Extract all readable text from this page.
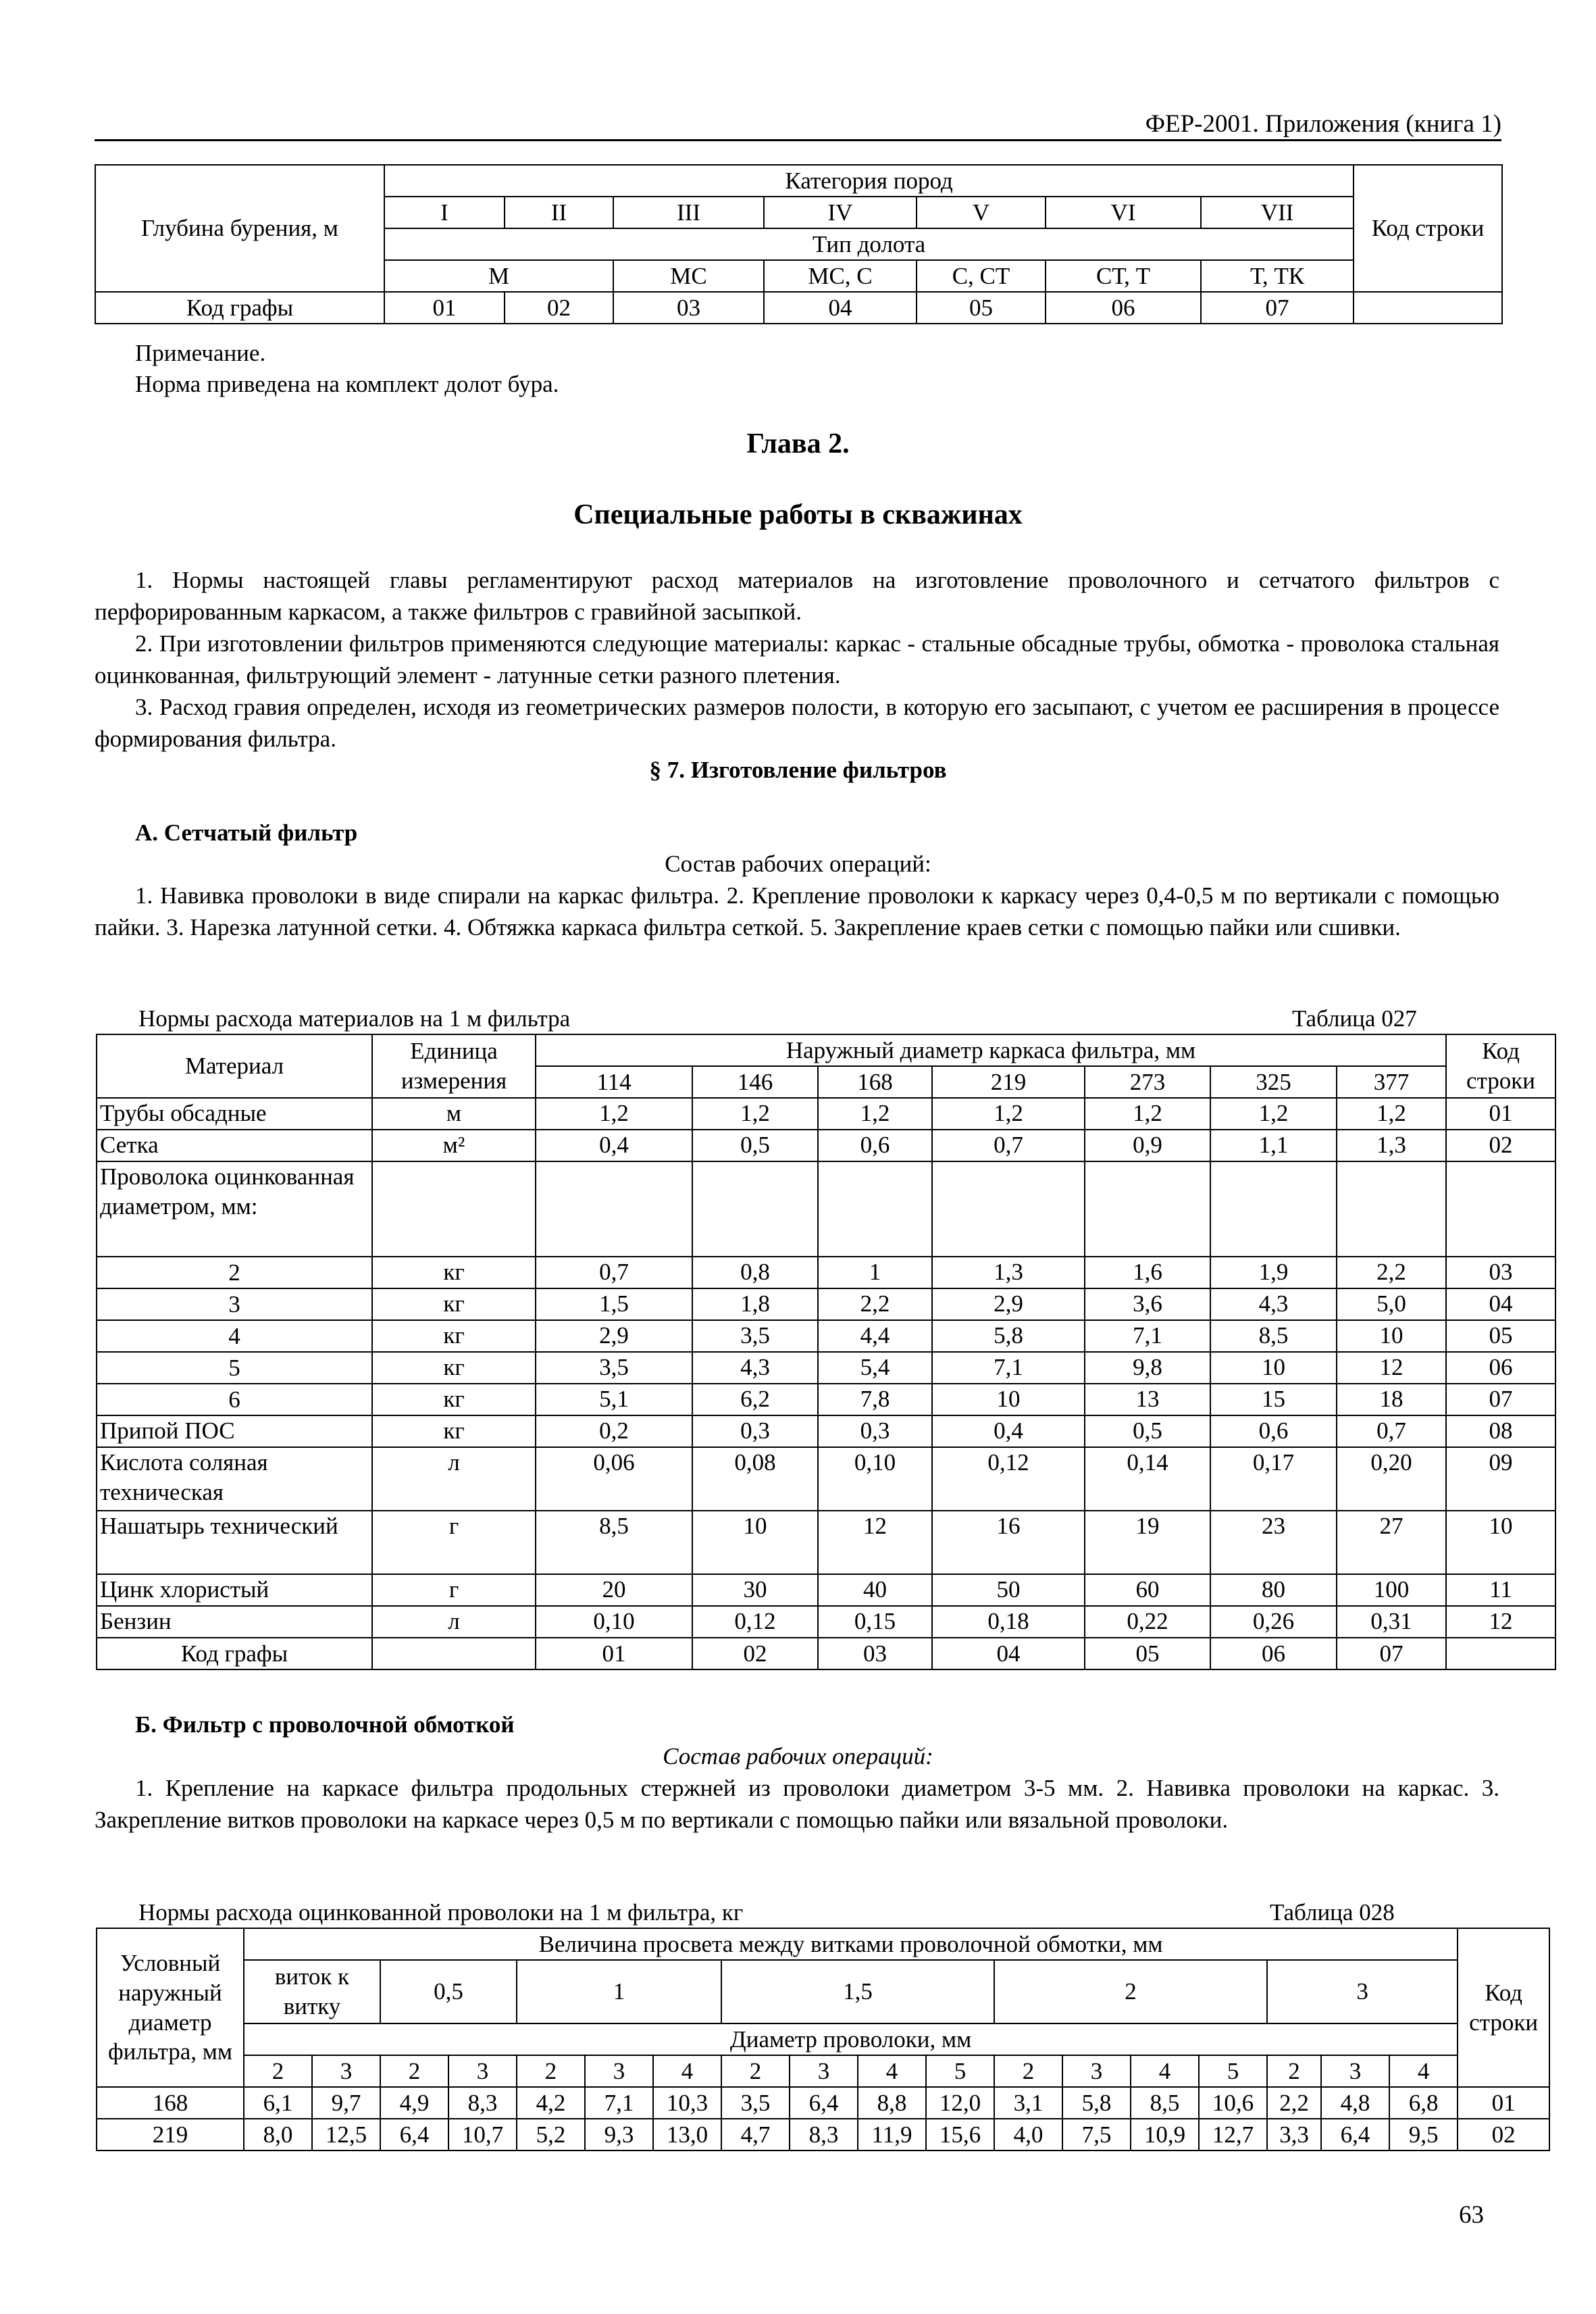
ФЕР-2001. Приложения (книга 1)
Глубина бурения, м	Категория пород							Код строки	
	I	II	III	IV	V	VI	VII		
	Тип долота								
	М		МС	МС, С	С, СТ	СТ, Т	Т, ТК		
Код графы	01	02	03	04	05	06	07		
Примечание.
Норма приведена на комплект долот бура.
Глава 2.
Специальные работы в скважинах
1. Нормы настоящей главы регламентируют расход материалов на изготовление проволочного и сетчатого фильтров с перфорированным каркасом, а также фильтров с гравийной засыпкой.
2. При изготовлении фильтров применяются следующие материалы: каркас - стальные обсадные трубы, обмотка - проволока стальная оцинкованная, фильтрующий элемент - латунные сетки разного плетения.
3. Расход гравия определен, исходя из геометрических размеров полости, в которую его засыпают, с учетом ее расширения в процессе формирования фильтра.
§ 7. Изготовление фильтров
А. Сетчатый фильтр
Состав рабочих операций:
1. Навивка проволоки в виде спирали на каркас фильтра. 2. Крепление проволоки к каркасу через 0,4-0,5 м по вертикали с помощью пайки. 3. Нарезка латунной сетки. 4. Обтяжка каркаса фильтра сеткой. 5. Закрепление краев сетки с помощью пайки или сшивки.
Нормы расхода материалов на 1 м фильтра	Таблица 027
Материал	Единица измерения	Наружный диаметр каркаса фильтра, мм							Код строки
		114	146	168	219	273	325	377	
Трубы обсадные	м	1,2	1,2	1,2	1,2	1,2	1,2	1,2	01
Сетка	м²	0,4	0,5	0,6	0,7	0,9	1,1	1,3	02
Проволока оцинкованная диаметром, мм:									
2	кг	0,7	0,8	1	1,3	1,6	1,9	2,2	03
3	кг	1,5	1,8	2,2	2,9	3,6	4,3	5,0	04
4	кг	2,9	3,5	4,4	5,8	7,1	8,5	10	05
5	кг	3,5	4,3	5,4	7,1	9,8	10	12	06
6	кг	5,1	6,2	7,8	10	13	15	18	07
Припой ПОС	кг	0,2	0,3	0,3	0,4	0,5	0,6	0,7	08
Кислота соляная техническая	л	0,06	0,08	0,10	0,12	0,14	0,17	0,20	09
Нашатырь технический	г	8,5	10	12	16	19	23	27	10
Цинк хлористый	г	20	30	40	50	60	80	100	11
Бензин	л	0,10	0,12	0,15	0,18	0,22	0,26	0,31	12
Код графы		01	02	03	04	05	06	07	
Б. Фильтр с проволочной обмоткой
Состав рабочих операций:
1. Крепление на каркасе фильтра продольных стержней из проволоки диаметром 3-5 мм. 2. Навивка проволоки на каркас. 3. Закрепление витков проволоки на каркасе через 0,5 м по вертикали с помощью пайки или вязальной проволоки.
Нормы расхода оцинкованной проволоки на 1 м фильтра, кг	Таблица 028
Условный наружный диаметр фильтра, мм	Величина просвета между витками проволочной обмотки, мм																		Код строки
	виток к витку		0,5		1			1,5				2				3			
	Диаметр проволоки, мм																		
	2	3	2	3	2	3	4	2	3	4	5	2	3	4	5	2	3	4	
168	6,1	9,7	4,9	8,3	4,2	7,1	10,3	3,5	6,4	8,8	12,0	3,1	5,8	8,5	10,6	2,2	4,8	6,8	01
219	8,0	12,5	6,4	10,7	5,2	9,3	13,0	4,7	8,3	11,9	15,6	4,0	7,5	10,9	12,7	3,3	6,4	9,5	02
63
